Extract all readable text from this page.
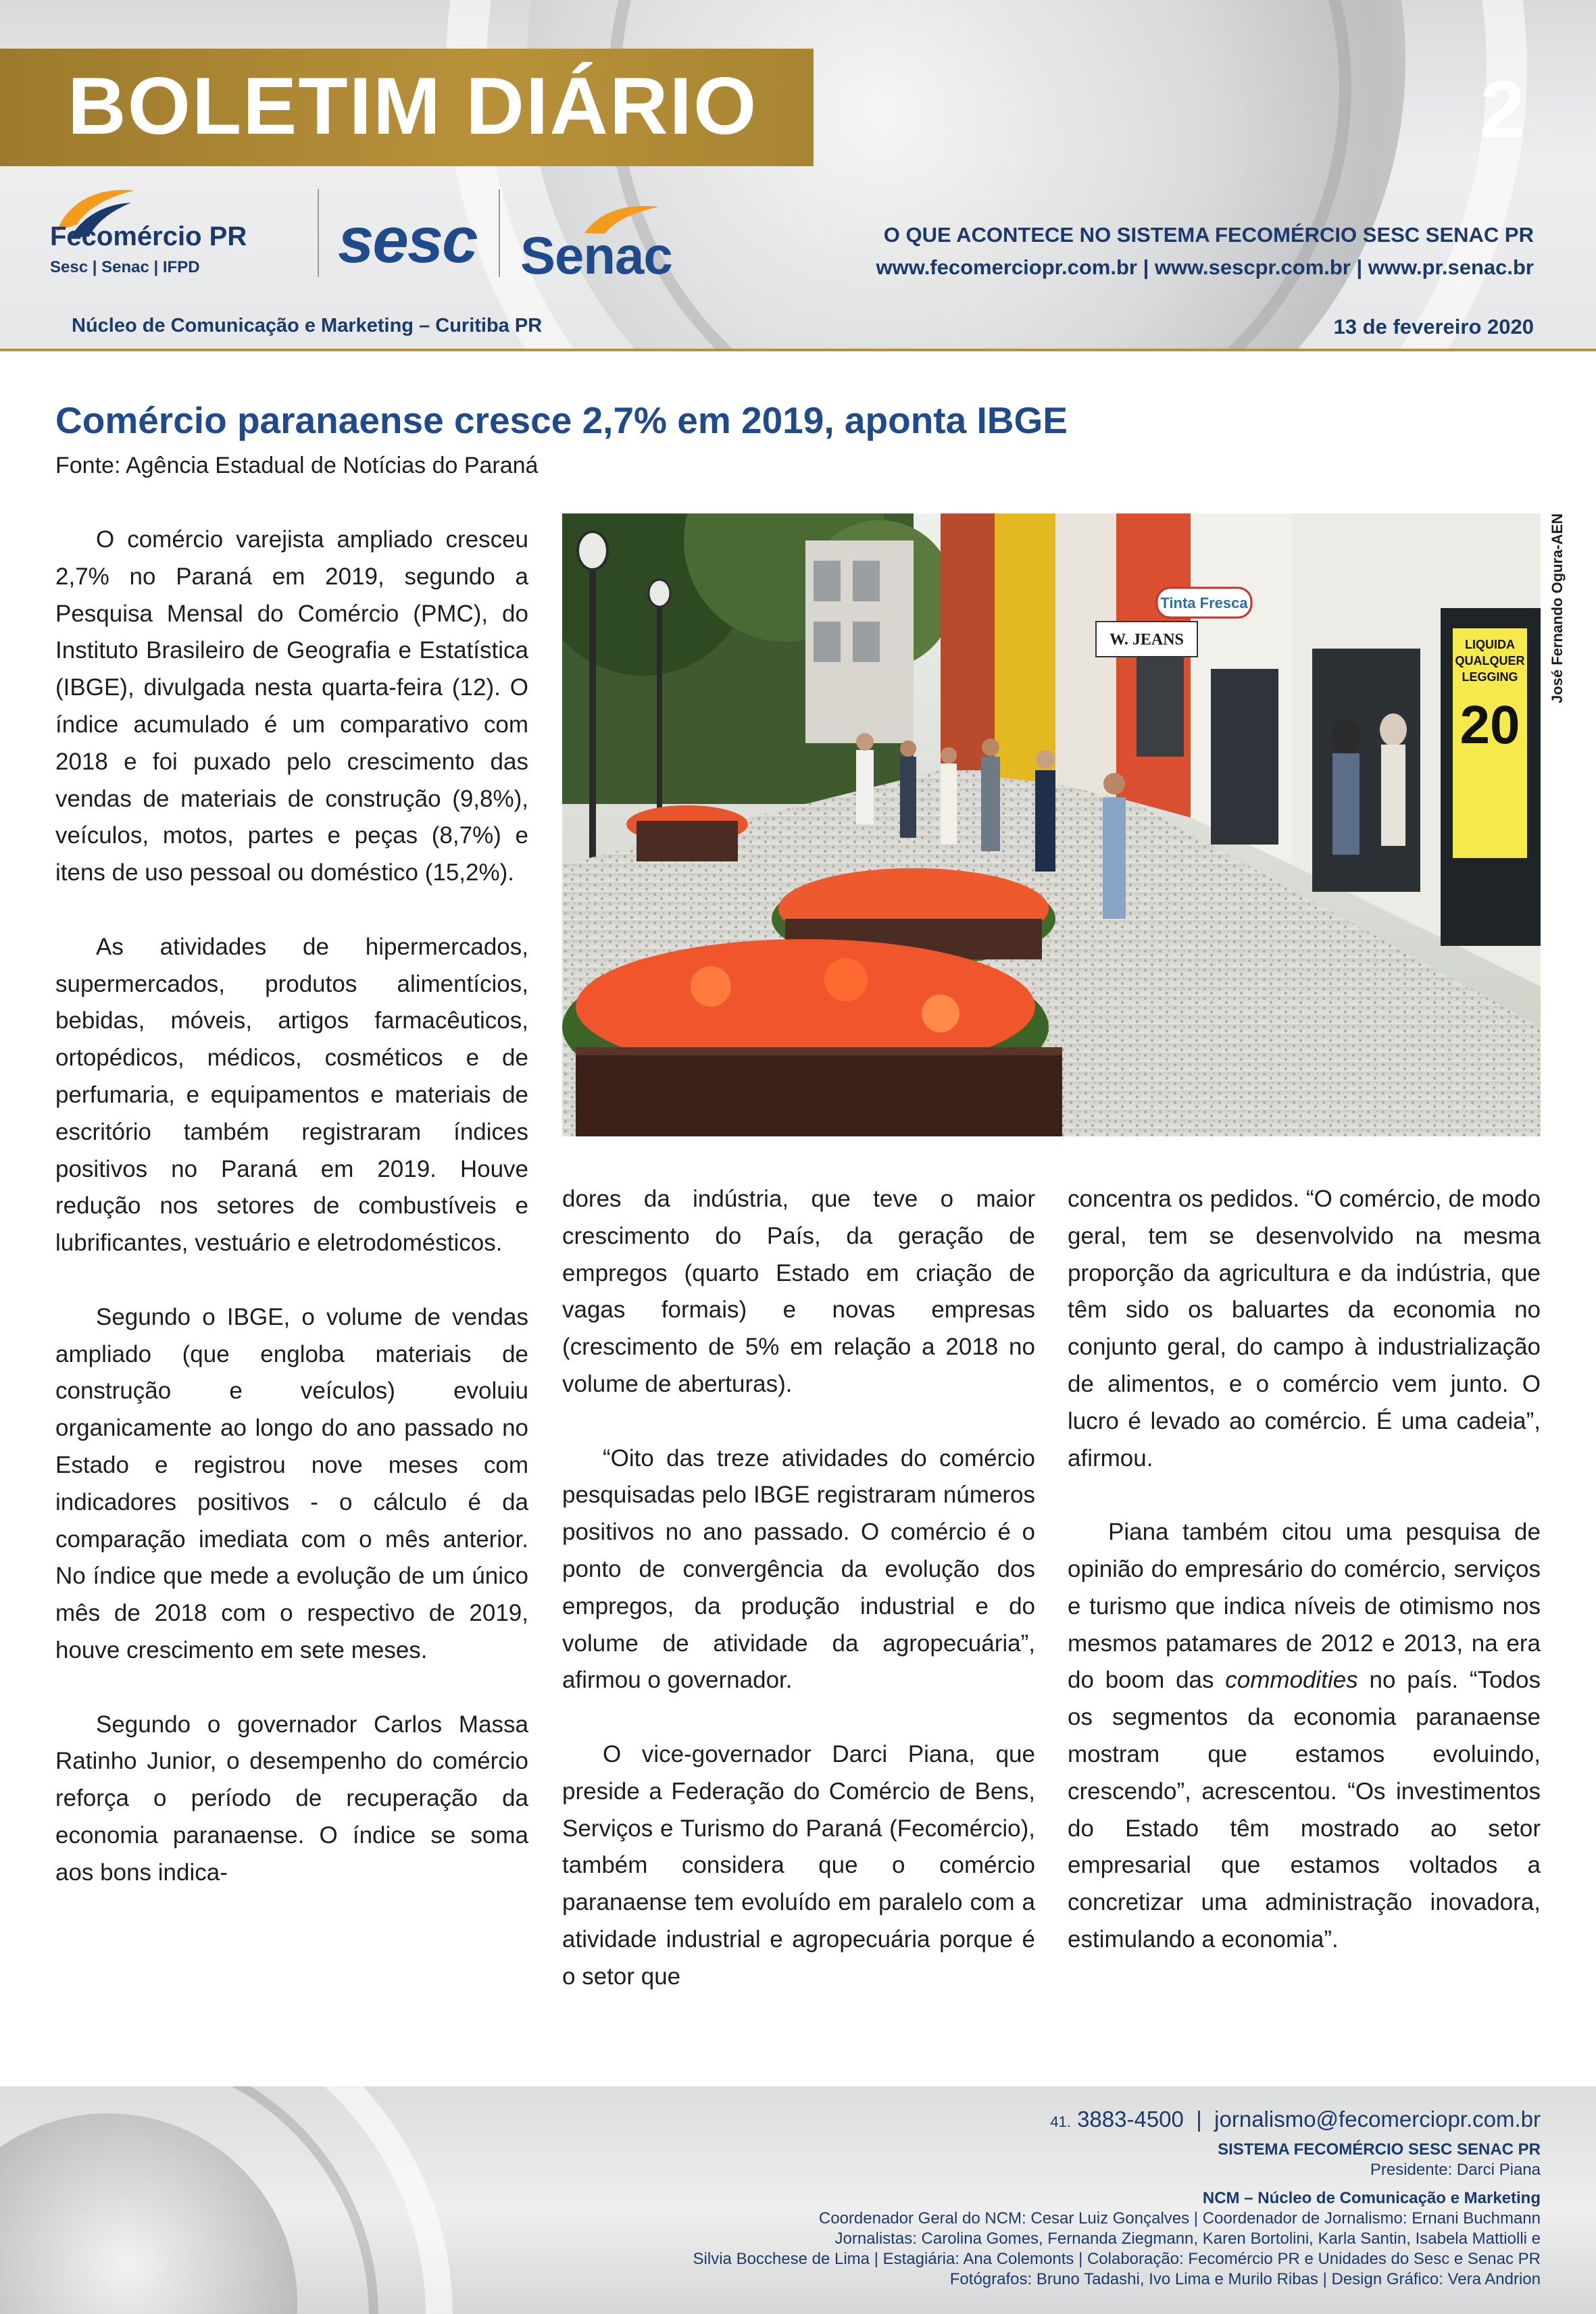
BOLETIM DIÁRIO	2
Fecomércio PR
Sesc | Senac | IFPD sesc Senac	O QUE ACONTECE NO SISTEMA FECOMÉRCIO SESC SENAC PR
www.fecomerciopr.com.br | www.sescpr.com.br | www.pr.senac.br
Núcleo de Comunicação e Marketing – Curitiba PR	13 de fevereiro 2020
Comércio paranaense cresce 2,7% em 2019, aponta IBGE
Fonte: Agência Estadual de Notícias do Paraná

O comércio varejista ampliado cresceu 2,7% no Paraná em 2019, segundo a Pesquisa Mensal do Comércio (PMC), do Instituto Brasileiro de Geografia e Estatística (IBGE), divulgada nesta quarta-feira (12). O índice acumulado é um comparativo com 2018 e foi puxado pelo crescimento das vendas de materiais de construção (9,8%), veículos, motos, partes e peças (8,7%) e itens de uso pessoal ou doméstico (15,2%).

As atividades de hipermercados, supermercados, produtos alimentícios, bebidas, móveis, artigos farmacêuticos, ortopédicos, médicos, cosméticos e de perfumaria, e equipamentos e materiais de escritório também registraram índices positivos no Paraná em 2019. Houve redução nos setores de combustíveis e lubrificantes, vestuário e eletrodomésticos.

Segundo o IBGE, o volume de vendas ampliado (que engloba materiais de construção e veículos) evoluiu organicamente ao longo do ano passado no Estado e registrou nove meses com indicadores positivos - o cálculo é da comparação imediata com o mês anterior. No índice que mede a evolução de um único mês de 2018 com o respectivo de 2019, houve crescimento em sete meses.

Segundo o governador Carlos Massa Ratinho Junior, o desempenho do comércio reforça o período de recuperação da economia paranaense. O índice se soma aos bons indica-

dores da indústria, que teve o maior crescimento do País, da geração de empregos (quarto Estado em criação de vagas formais) e novas empresas (crescimento de 5% em relação a 2018 no volume de aberturas).

“Oito das treze atividades do comércio pesquisadas pelo IBGE registraram números positivos no ano passado. O comércio é o ponto de convergência da evolução dos empregos, da produção industrial e do volume de atividade da agropecuária”, afirmou o governador.

O vice-governador Darci Piana, que preside a Federação do Comércio de Bens, Serviços e Turismo do Paraná (Fecomércio), também considera que o comércio paranaense tem evoluído em paralelo com a atividade industrial e agropecuária porque é o setor que

concentra os pedidos. “O comércio, de modo geral, tem se desenvolvido na mesma proporção da agricultura e da indústria, que têm sido os baluartes da economia no conjunto geral, do campo à industrialização de alimentos, e o comércio vem junto. O lucro é levado ao comércio. É uma cadeia”, afirmou.

Piana também citou uma pesquisa de opinião do empresário do comércio, serviços e turismo que indica níveis de otimismo nos mesmos patamares de 2012 e 2013, na era do boom das commodities no país. “Todos os segmentos da economia paranaense mostram que estamos evoluindo, crescendo”, acrescentou. “Os investimentos do Estado têm mostrado ao setor empresarial que estamos voltados a concretizar uma administração inovadora, estimulando a economia”.

Tinta Fresca
W. JEANS	LIQUIDA
QUALQUER
LEGGING
20
José Fernando Ogura-AEN
41. 3883-4500  |  jornalismo@fecomerciopr.com.br
SISTEMA FECOMÉRCIO SESC SENAC PR
Presidente: Darci Piana
NCM – Núcleo de Comunicação e Marketing
Coordenador Geral do NCM: Cesar Luiz Gonçalves | Coordenador de Jornalismo: Ernani Buchmann
Jornalistas: Carolina Gomes, Fernanda Ziegmann, Karen Bortolini, Karla Santin, Isabela Mattiolli e
Silvia Bocchese de Lima | Estagiária: Ana Colemonts | Colaboração: Fecomércio PR e Unidades do Sesc e Senac PR
Fotógrafos: Bruno Tadashi, Ivo Lima e Murilo Ribas | Design Gráfico: Vera Andrion
